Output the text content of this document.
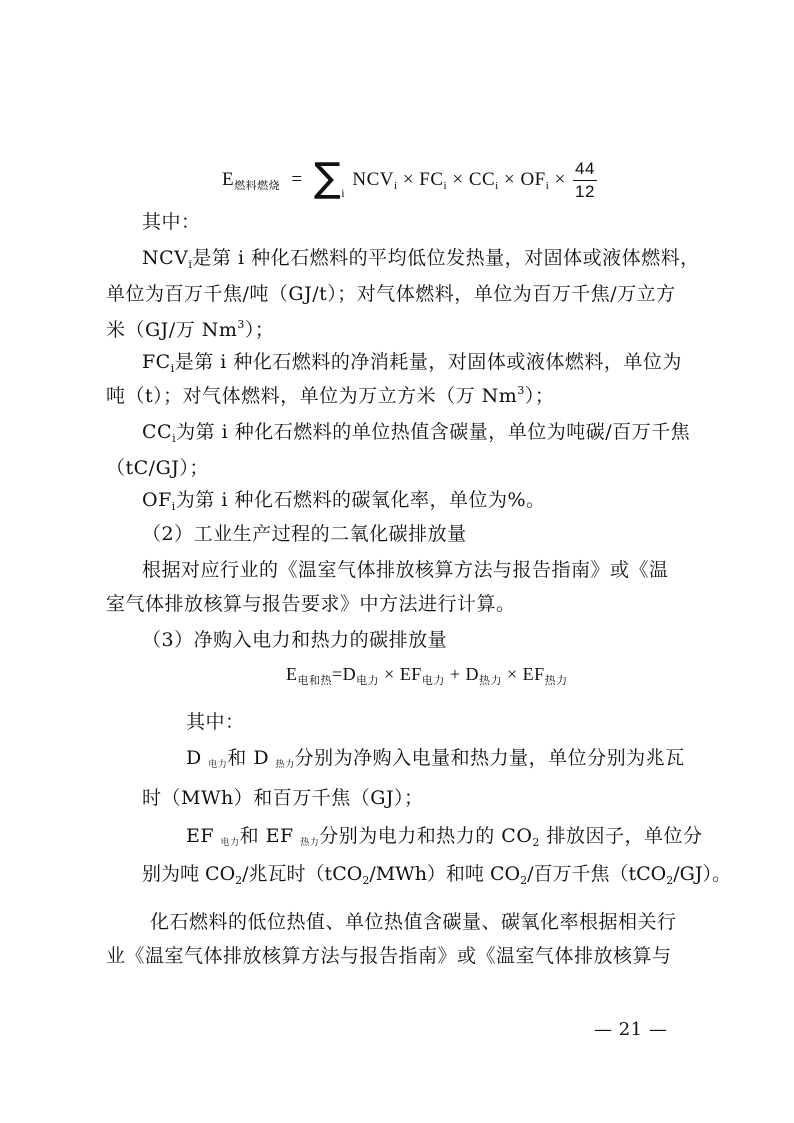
$E_{燃料燃烧} = \sum_i$ $NCV_i \times FC_i \times CC_i \times OF_i \times \frac{44}{12}$
其中：
$NCV_i$是第 i 种化石燃料的平均低位发热量，对固体或液体燃料，
单位为百万千焦/吨（GJ/t）；对气体燃料，单位为百万千焦/万立方
米（GJ/万 Nm$^3$）；
$FC_i$是第 i 种化石燃料的净消耗量，对固体或液体燃料，单位为
吨（t）；对气体燃料，单位为万立方米（万 Nm$^3$）；
$CC_i$为第 i 种化石燃料的单位热值含碳量，单位为吨碳/百万千焦
（tC/GJ）；
$OF_i$为第 i 种化石燃料的碳氧化率，单位为%。
（2）工业生产过程的二氧化碳排放量
根据对应行业的《温室气体排放核算方法与报告指南》或《温
室气体排放核算与报告要求》中方法进行计算。
（3）净购入电力和热力的碳排放量
$E_{电和热}=D_{电力} \times EF_{电力} + D_{热力} \times EF_{热力}$
其中：
D 电力和 D 热力分别为净购入电量和热力量，单位分别为兆瓦
时（MWh）和百万千焦（GJ）；
EF 电力和 EF 热力分别为电力和热力的 $CO_2$ 排放因子，单位分
别为吨 $CO_2/$兆瓦时（tCO$_2$/MWh）和吨 $CO_2/$百万千焦（tCO$_2$/GJ）。
化石燃料的低位热值、单位热值含碳量、碳氧化率根据相关行
业《温室气体排放核算方法与报告指南》或《温室气体排放核算与
— 21 —
